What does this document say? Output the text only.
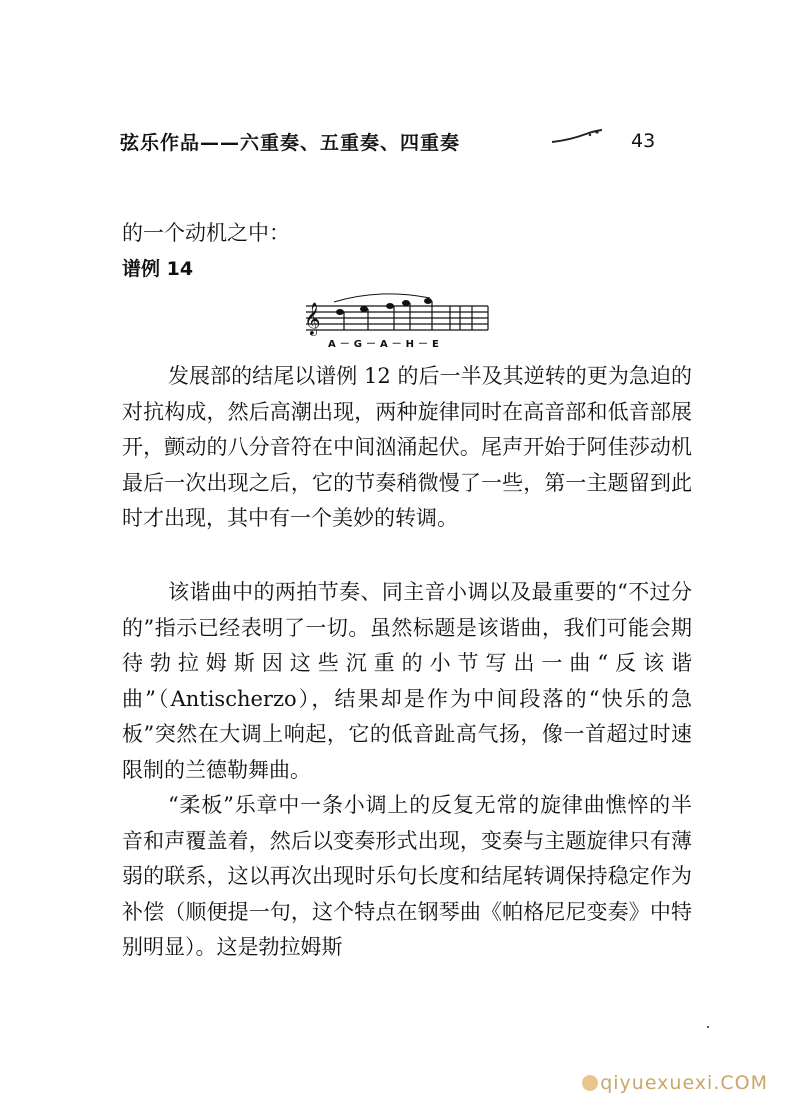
弦乐作品——六重奏、五重奏、四重奏	43
的一个动机之中：
谱例 14
𝄞
A－G－A－H－E

发展部的结尾以谱例 12 的后一半及其逆转的更为急迫的对抗构成，然后高潮出现，两种旋律同时在高音部和低音部展开，颤动的八分音符在中间汹涌起伏。尾声开始于阿佳莎动机最后一次出现之后，它的节奏稍微慢了一些，第一主题留到此时才出现，其中有一个美妙的转调。

该谐曲中的两拍节奏、同主音小调以及最重要的“不过分的”指示已经表明了一切。虽然标题是该谐曲，我们可能会期待勃拉姆斯因这些沉重的小节写出一曲“反该谐曲”（Antischerzo），结果却是作为中间段落的“快乐的急板”突然在大调上响起，它的低音趾高气扬，像一首超过时速限制的兰德勒舞曲。

“柔板”乐章中一条小调上的反复无常的旋律曲憔悴的半音和声覆盖着，然后以变奏形式出现，变奏与主题旋律只有薄弱的联系，这以再次出现时乐句长度和结尾转调保持稳定作为补偿（顺便提一句，这个特点在钢琴曲《帕格尼尼变奏》中特别明显）。这是勃拉姆斯

qiyuexuexi.COM
